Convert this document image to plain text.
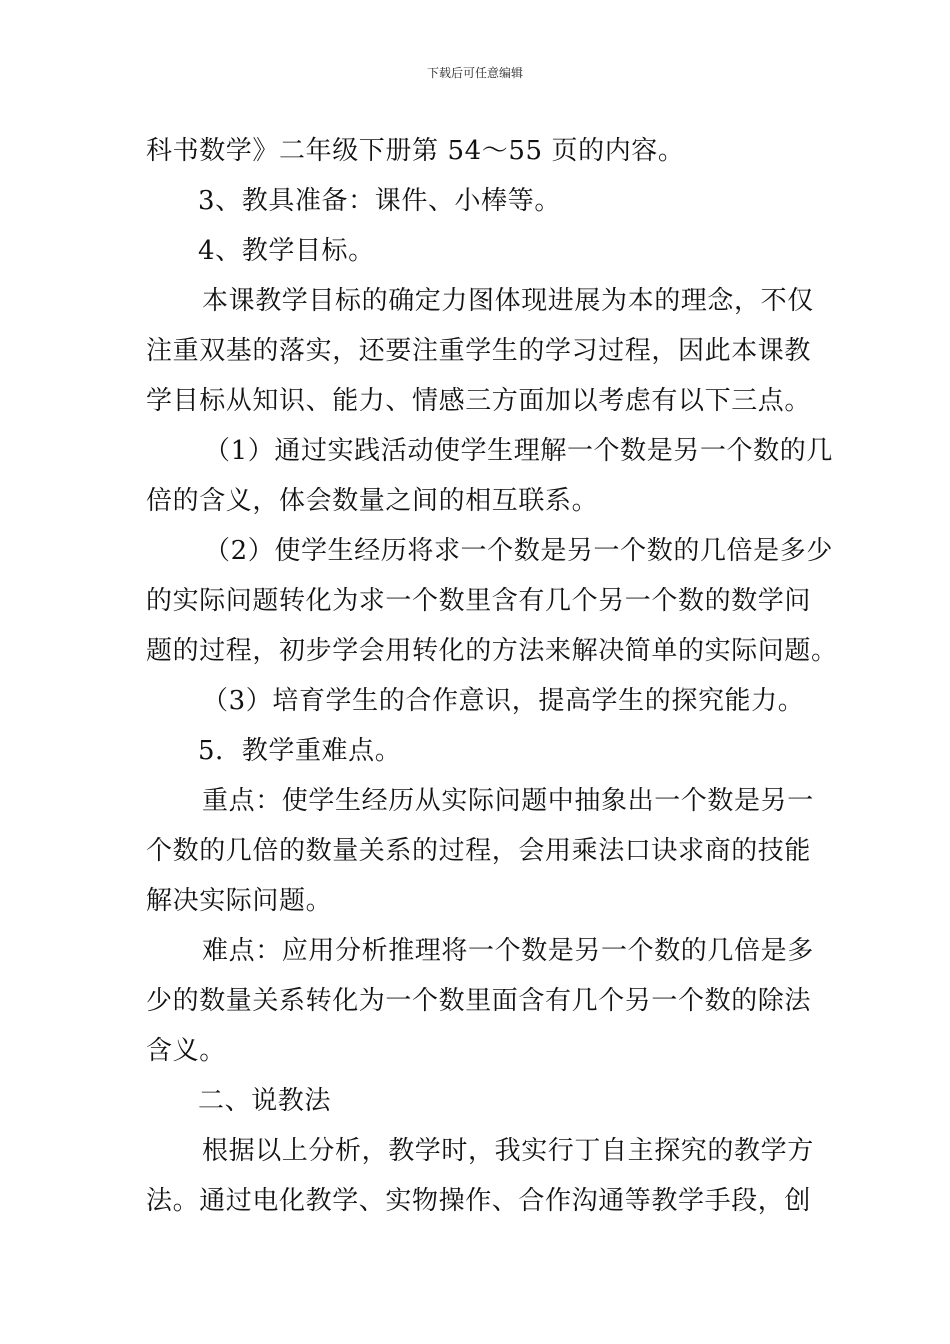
下载后可任意编辑
科书数学》二年级下册第 54～55 页的内容。
3、教具准备：课件、小棒等。
4、教学目标。
本课教学目标的确定力图体现进展为本的理念，不仅
注重双基的落实，还要注重学生的学习过程，因此本课教
学目标从知识、能力、情感三方面加以考虑有以下三点。
（1）通过实践活动使学生理解一个数是另一个数的几
倍的含义，体会数量之间的相互联系。
（2）使学生经历将求一个数是另一个数的几倍是多少
的实际问题转化为求一个数里含有几个另一个数的数学问
题的过程，初步学会用转化的方法来解决简单的实际问题。
（3）培育学生的合作意识，提高学生的探究能力。
5．教学重难点。
重点：使学生经历从实际问题中抽象出一个数是另一
个数的几倍的数量关系的过程，会用乘法口诀求商的技能
解决实际问题。
难点：应用分析推理将一个数是另一个数的几倍是多
少的数量关系转化为一个数里面含有几个另一个数的除法
含义。
二、说教法
根据以上分析，教学时，我实行丁自主探究的教学方
法。通过电化教学、实物操作、合作沟通等教学手段，创
